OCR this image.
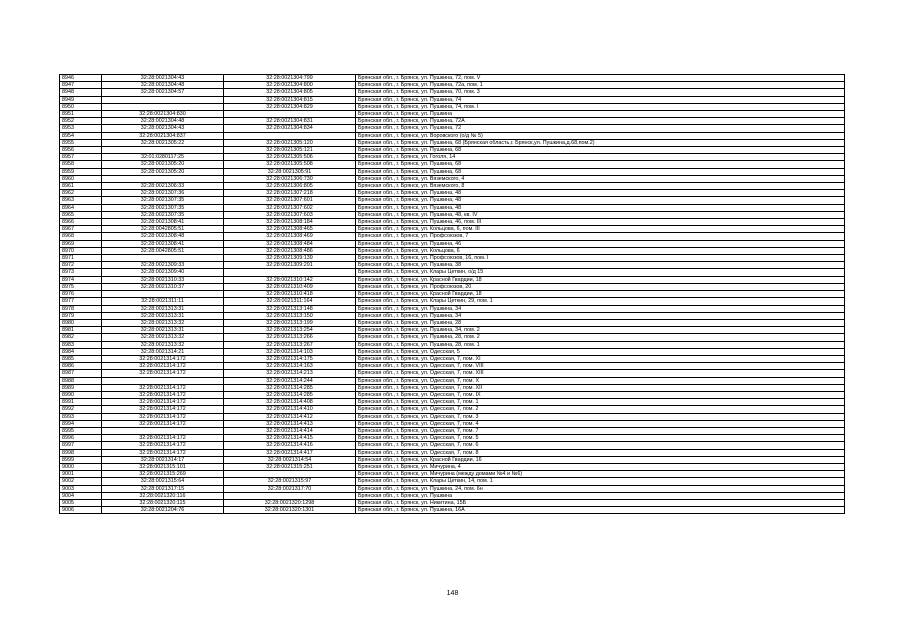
8946	32:28:0021304:43	32:28:0021304:799	Брянская обл., г. Брянск, ул. Пушкина, 72, пом. V
8947	32:28:0021304:48	32:28:0021304:800	Брянская обл., г. Брянск, ул. Пушкина, 72а, пом. 1
8948	32:28:0021304:57	32:28:0021304:805	Брянская обл., г. Брянск, ул. Пушкина, 70, пом. 3
8949		32:28:0021304:815	Брянская обл., г. Брянск, ул. Пушкина, 74
8950		32:28:0021304:829	Брянская обл., г. Брянск, ул. Пушкина, 74, пом. I
8951	32:28:0021304:830		Брянская обл., г. Брянск, ул. Пушкина
8952	32:28:0021304:48	32:28:0021304:831	Брянская обл., г. Брянск, ул. Пушкина, 72А
8953	32:28:0021304:43	32:28:0021304:834	Брянская обл., г. Брянск, ул. Пушкина, 72
8954	32:28:0021304:837		Брянская обл., г. Брянск, ул. Воровского (о/д № 5)
8955	32:28:0021305:22	32:28:0021305:120	Брянская обл., г. Брянск, ул. Пушкина, 68 (Брянская область,г. Брянск,ул. Пушкина,д.68,пом.2)
8956		32:28:0021305:121	Брянская обл., г. Брянск, ул. Пушкина, 68
8957	32:01:0280117:25	32:28:0021305:506	Брянская обл., г. Брянск, ул. Гоголя, 14
8958	32:28:0021305:20	32:28:0021305:508	Брянская обл., г. Брянск, ул. Пушкина, 68
8959	32:28:0021305:20	32:28:0021305:91	Брянская обл., г. Брянск, ул. Пушкина, 68
8960		32:28:0021306:730	Брянская обл., г. Брянск, ул. Вяземского, 4
8961	32:28:0021306:33	32:28:0021306:805	Брянская обл., г. Брянск, ул. Вяземского, 8
8962	32:28:0021307:36	32:28:0021307:218	Брянская обл., г. Брянск, ул. Пушкина, 48
8963	32:28:0021307:35	32:28:0021307:601	Брянская обл., г. Брянск, ул. Пушкина, 48
8964	32:28:0021307:35	32:28:0021307:602	Брянская обл., г. Брянск, ул. Пушкина, 48
8965	32:28:0021307:35	32:28:0021307:603	Брянская обл., г. Брянск, ул. Пушкина, 48, кв. IV
8966	32:28:0021308:41	32:28:0021308:184	Брянская обл., г. Брянск, ул. Пушкина, 46, пом. III
8967	32:28:0042805:51	32:28:0021308:465	Брянская обл., г. Брянск, ул. Кольцова, 6, пом. III
8968	32:28:0021308:48	32:28:0021308:469	Брянская обл., г. Брянск, ул. Профсоюзов, 7
8969	32:28:0021308:41	32:28:0021308:484	Брянская обл., г. Брянск, ул. Пушкина, 46
8970	32:28:0042805:51	32:28:0021308:486	Брянская обл., г. Брянск, ул. Кольцова, 6
8971		32:28:0021309:139	Брянская обл., г. Брянск, ул. Профсоюзов, 16, пом. I
8972	32:28:0021309:33	32:28:0021309:291	Брянская обл., г. Брянск, ул. Пушкина, 38
8973	32:28:0021309:40		Брянская обл., г. Брянск, ул. Клары Цеткин, о/д 15
8974	32:28:0021310:33	32:28:0021310:142	Брянская обл., г. Брянск, ул. Красной Гвардии, 18
8975	32:28:0021310:37	32:28:0021310:409	Брянская обл., г. Брянск, ул. Профсоюзов, 20
8976		32:28:0021310:418	Брянская обл., г. Брянск, ул. Красной Гвардии, 18
8977	32:28:0021311:11	32:28:0021311:164	Брянская обл., г. Брянск, ул. Клары Цеткин, 29, пом. 1
8978	32:28:0021313:31	32:28:0021313:148	Брянская обл., г. Брянск, ул. Пушкина, 34
8979	32:28:0021313:31	32:28:0021313:150	Брянская обл., г. Брянск, ул. Пушкина, 34
8980	32:28:0021313:32	32:28:0021313:199	Брянская обл., г. Брянск, ул. Пушкина, 28
8981	32:28:0021313:31	32:28:0021313:254	Брянская обл., г. Брянск, ул. Пушкина, 34, пом. 2
8982	32:28:0021313:32	32:28:0021313:266	Брянская обл., г. Брянск, ул. Пушкина, 28, пом. 2
8983	32:28:0021313:32	32:28:0021313:267	Брянская обл., г. Брянск, ул. Пушкина, 28, пом. 1
8984	32:28:0021314:21	32:28:0021314:103	Брянская обл., г. Брянск, ул. Одесская, 5
8985	32:28:0021314:172	32:28:0021314:175	Брянская обл., г. Брянск, ул. Одесская, 7, пом. XI
8986	32:28:0021314:172	32:28:0021314:163	Брянская обл., г. Брянск, ул. Одесская, 7, пом. VIII
8987	32:28:0021314:172	32:28:0021314:213	Брянская обл., г. Брянск, ул. Одесская, 7, пом. XIII
8988		32:28:0021314:244	Брянская обл., г. Брянск, ул. Одесская, 7, пом. X
8989	32:28:0021314:172	32:28:0021314:285	Брянская обл., г. Брянск, ул. Одесская, 7, пом. XII
8990	32:28:0021314:172	32:28:0021314:285	Брянская обл., г. Брянск, ул. Одесская, 7, пом. IX
8991	32:28:0021314:172	32:28:0021314:408	Брянская обл., г. Брянск, ул. Одесская, 7, пом. 1
8992	32:28:0021314:172	32:28:0021314:410	Брянская обл., г. Брянск, ул. Одесская, 7, пом. 2
8993	32:28:0021314:172	32:28:0021314:412	Брянская обл., г. Брянск, ул. Одесская, 7, пом. 3
8994	32:28:0021314:172	32:28:0021314:413	Брянская обл., г. Брянск, ул. Одесская, 7, пом. 4
8995		32:28:0021314:414	Брянская обл., г. Брянск, ул. Одесская, 7, пом. 7
8996	32:28:0021314:172	32:28:0021314:415	Брянская обл., г. Брянск, ул. Одесская, 7, пом. 5
8997	32:28:0021314:172	32:28:0021314:416	Брянская обл., г. Брянск, ул. Одесская, 7, пом. 6
8998	32:28:0021314:172	32:28:0021314:417	Брянская обл., г. Брянск, ул. Одесская, 7, пом. 8
8999	32:28:0021314:17	32:28:0021314:54	Брянская обл., г. Брянск, ул. Красной Гвардии, 16
9000	32:28:0021315:101	32:28:0021315:251	Брянская обл., г. Брянск, ул. Мичурина, 4
9001	32:28:0021315:269		Брянская обл., г. Брянск, ул. Мичурина (между домами №4 и №6)
9002	32:28:0021315:64	32:28:0021315:97	Брянская обл., г. Брянск, ул. Клары Цеткин, 14, пом. 1
9003	32:28:0021317:15	32:28:0021317:70	Брянская обл., г. Брянск, ул. Пушкина, 24, пом. 6н
9004	32:28:0021320:116		Брянская обл., г. Брянск, ул. Пушкина
9005	32:28:0021320:115	32:28:0021320:1298	Брянская обл., г. Брянск, ул. Никитина, 15Б
9006	32:28:0021204:76	32:28:0021320:1301	Брянская обл., г. Брянск, ул. Пушкина, 16А
148
